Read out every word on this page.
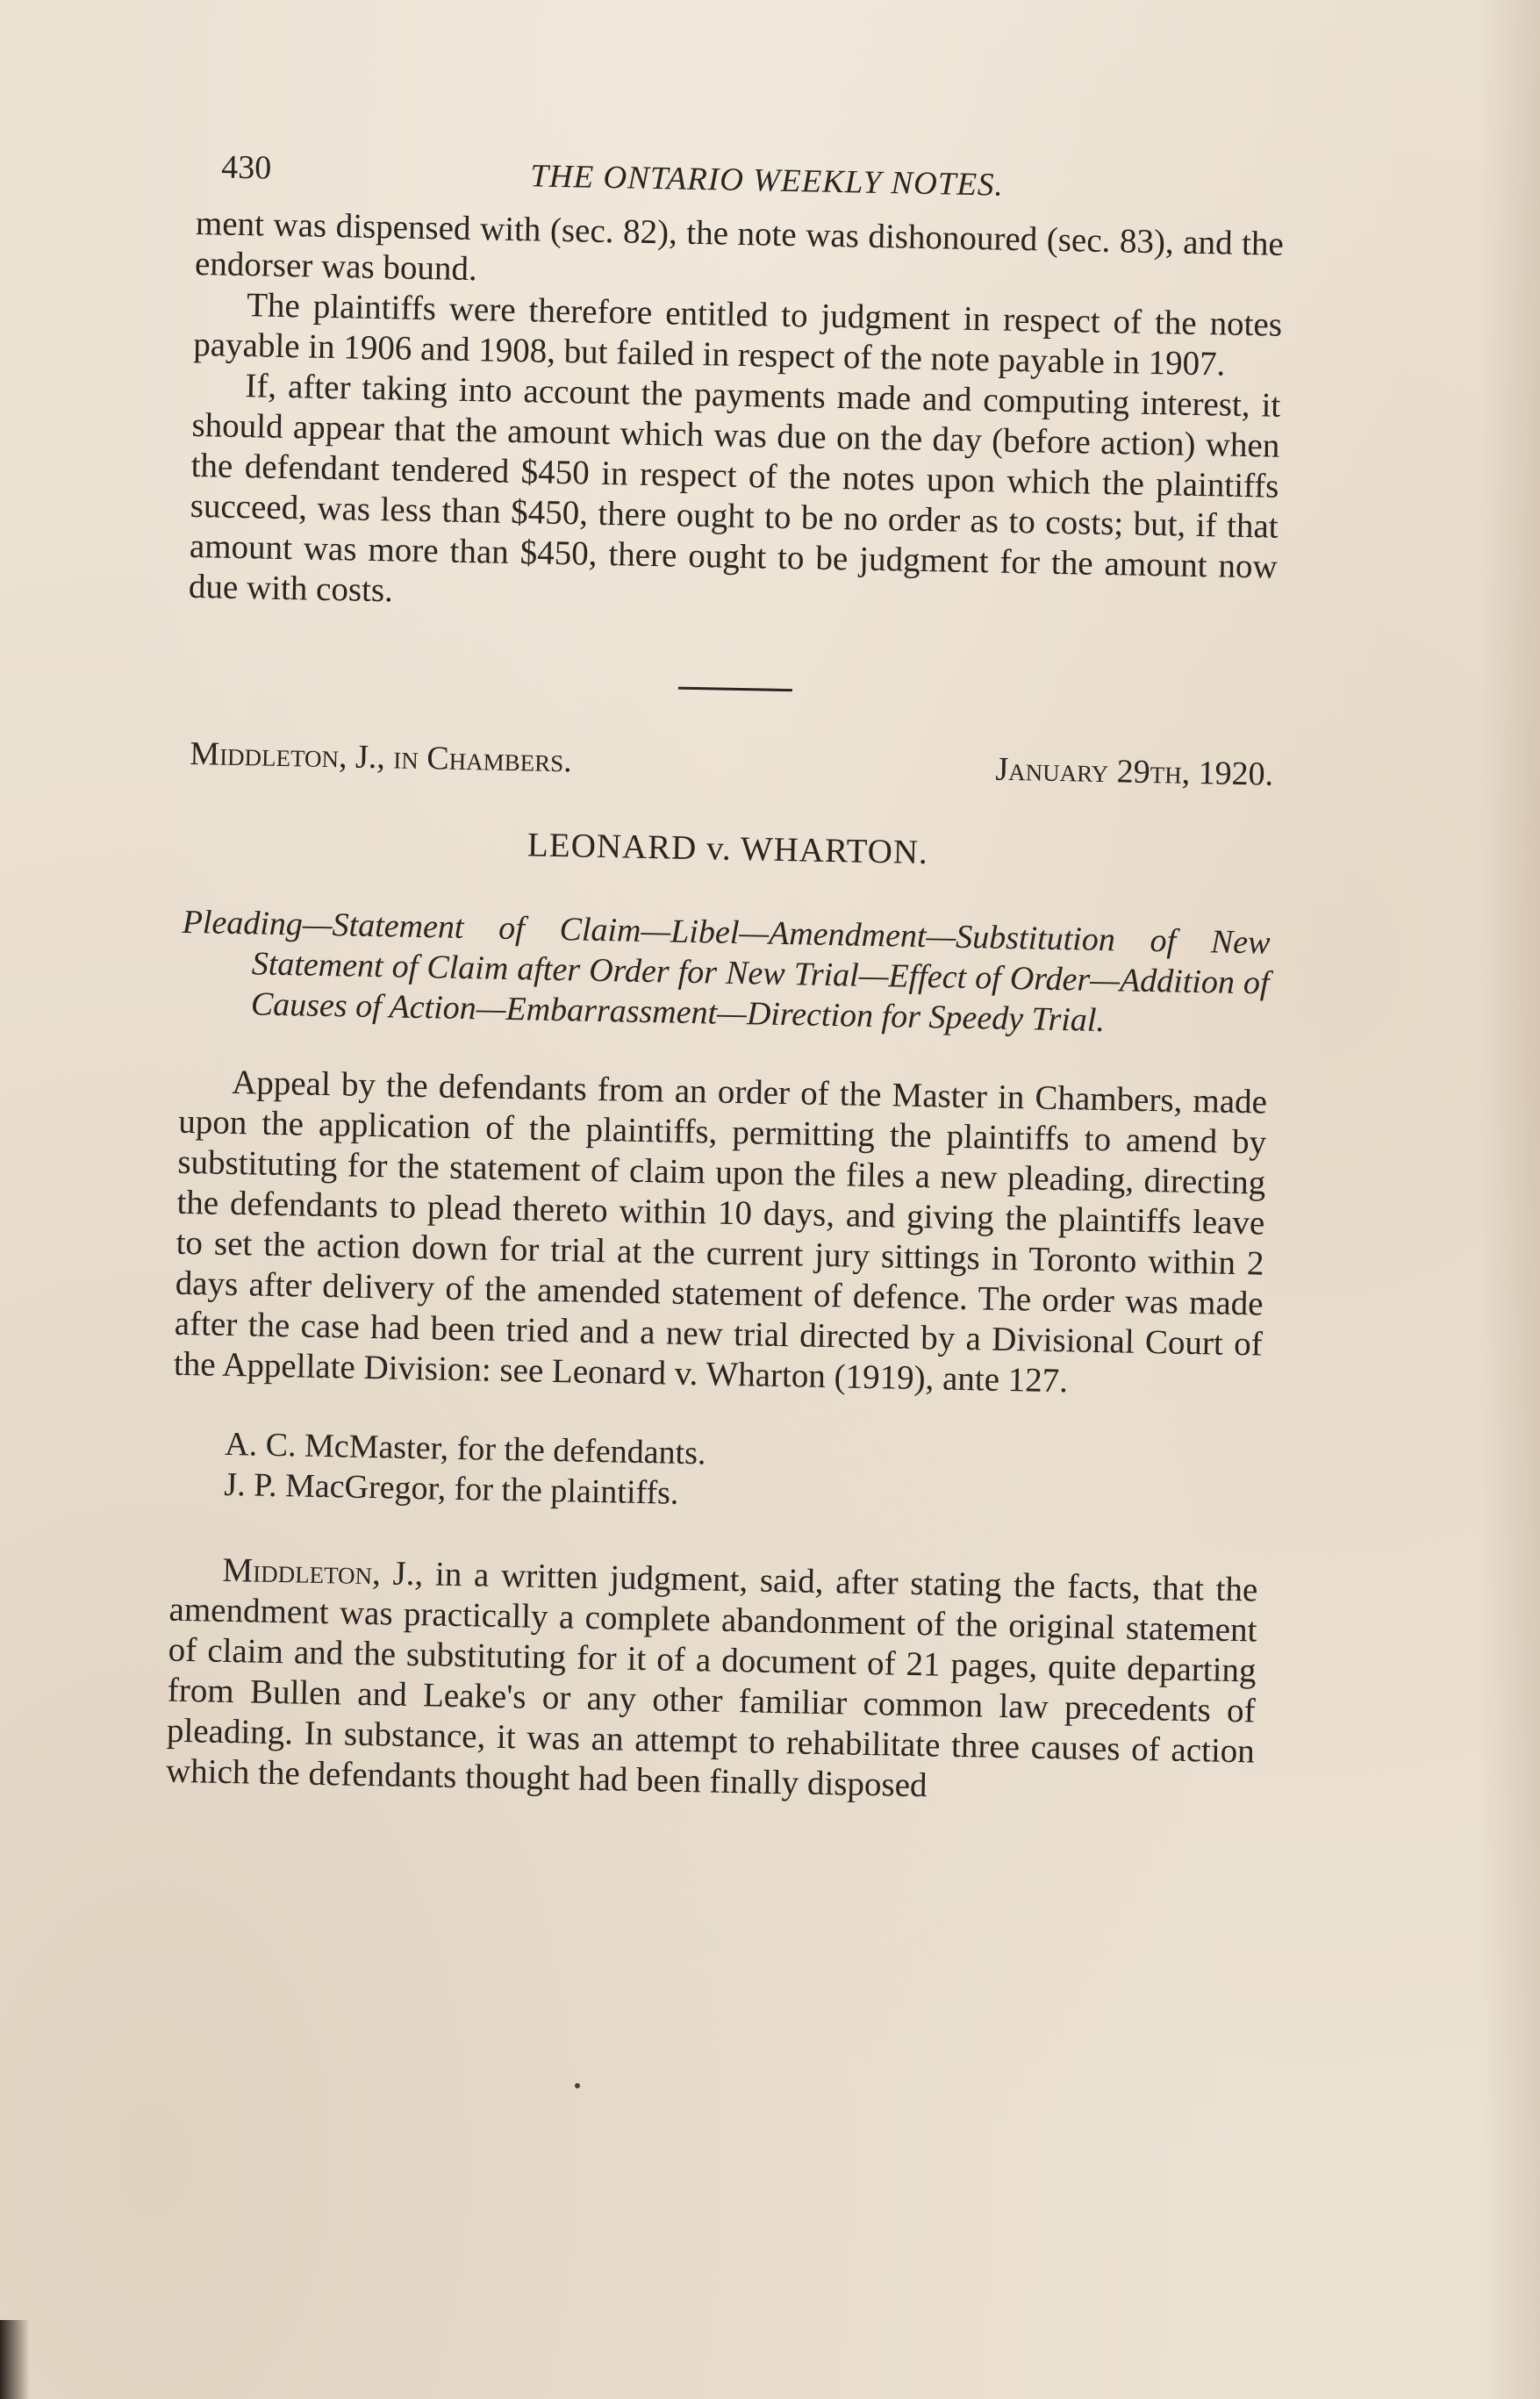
430	THE ONTARIO WEEKLY NOTES.

ment was dispensed with (sec. 82), the note was dishonoured (sec. 83), and the endorser was bound.

The plaintiffs were therefore entitled to judgment in respect of the notes payable in 1906 and 1908, but failed in respect of the note payable in 1907.

If, after taking into account the payments made and computing interest, it should appear that the amount which was due on the day (before action) when the defendant tendered $450 in respect of the notes upon which the plaintiffs succeed, was less than $450, there ought to be no order as to costs; but, if that amount was more than $450, there ought to be judgment for the amount now due with costs.

Middleton, J., in Chambers.	January 29th, 1920.
LEONARD v. WHARTON.
Pleading—Statement of Claim—Libel—Amendment—Substitution of New Statement of Claim after Order for New Trial—Effect of Order—Addition of Causes of Action—Embarrassment—Direction for Speedy Trial.

Appeal by the defendants from an order of the Master in Chambers, made upon the application of the plaintiffs, permitting the plaintiffs to amend by substituting for the statement of claim upon the files a new pleading, directing the defendants to plead thereto within 10 days, and giving the plaintiffs leave to set the action down for trial at the current jury sittings in Toronto within 2 days after delivery of the amended statement of defence. The order was made after the case had been tried and a new trial directed by a Divisional Court of the Appellate Division: see Leonard v. Wharton (1919), ante 127.

A. C. McMaster, for the defendants.
J. P. MacGregor, for the plaintiffs.

Middleton, J., in a written judgment, said, after stating the facts, that the amendment was practically a complete abandonment of the original statement of claim and the substituting for it of a document of 21 pages, quite departing from Bullen and Leake's or any other familiar common law precedents of pleading. In substance, it was an attempt to rehabilitate three causes of action which the defendants thought had been finally disposed
